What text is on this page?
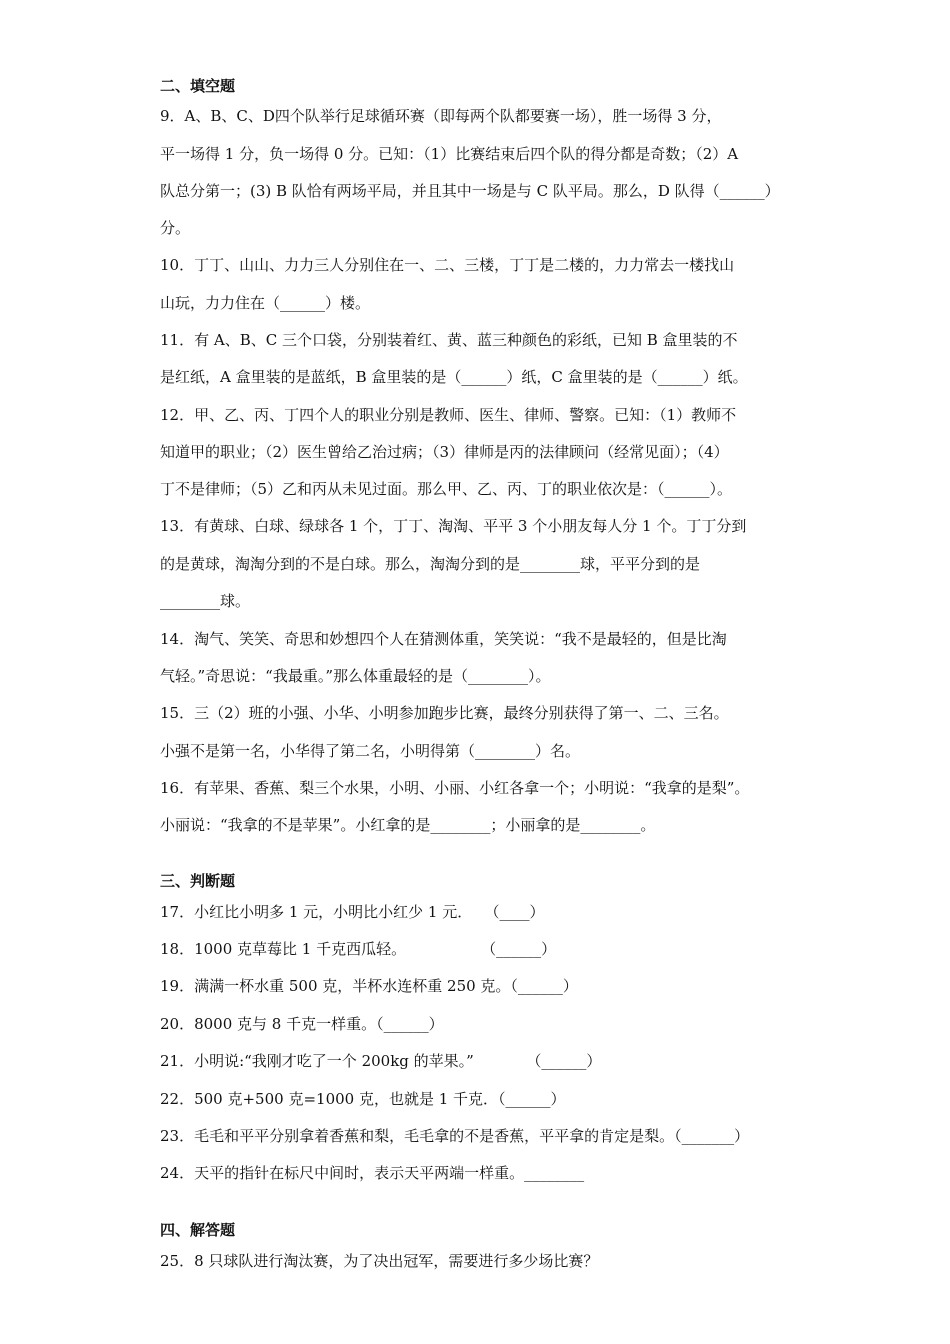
二、填空题
9．A、B、C、D四个队举行足球循环赛（即每两个队都要赛一场），胜一场得 3 分，
平一场得 1 分，负一场得 0 分。已知：（1）比赛结束后四个队的得分都是奇数；（2）A
队总分第一；(3) B 队恰有两场平局，并且其中一场是与 C 队平局。那么，D 队得（______）
分。
10．丁丁、山山、力力三人分别住在一、二、三楼，丁丁是二楼的，力力常去一楼找山
山玩，力力住在（______）楼。
11．有 A、B、C 三个口袋，分别装着红、黄、蓝三种颜色的彩纸，已知 B 盒里装的不
是红纸，A 盒里装的是蓝纸，B 盒里装的是（______）纸，C 盒里装的是（______）纸。
12．甲、乙、丙、丁四个人的职业分别是教师、医生、律师、警察。已知：（1）教师不
知道甲的职业；（2）医生曾给乙治过病；（3）律师是丙的法律顾问（经常见面）；（4）
丁不是律师；（5）乙和丙从未见过面。那么甲、乙、丙、丁的职业依次是：（______）。
13．有黄球、白球、绿球各 1 个，丁丁、淘淘、平平 3 个小朋友每人分 1 个。丁丁分到
的是黄球，淘淘分到的不是白球。那么，淘淘分到的是________球，平平分到的是
________球。
14．淘气、笑笑、奇思和妙想四个人在猜测体重，笑笑说：“我不是最轻的，但是比淘
气轻。”奇思说：“我最重。”那么体重最轻的是（________）。
15．三（2）班的小强、小华、小明参加跑步比赛，最终分别获得了第一、二、三名。
小强不是第一名，小华得了第二名，小明得第（________）名。
16．有苹果、香蕉、梨三个水果，小明、小丽、小红各拿一个；小明说：“我拿的是梨”。
小丽说：“我拿的不是苹果”。小红拿的是________；小丽拿的是________。
三、判断题
17．小红比小明多 1 元，小明比小红少 1 元．　 （____）
18．1000 克草莓比 1 千克西瓜轻。　　　　　　（______）
19．满满一杯水重 500 克，半杯水连杯重 250 克。（______）
20．8000 克与 8 千克一样重。（______）
21．小明说:“我刚才吃了一个 200kg 的苹果。”　　　　（______）
22．500 克+500 克=1000 克，也就是 1 千克．（______）
23．毛毛和平平分别拿着香蕉和梨，毛毛拿的不是香蕉，平平拿的肯定是梨。（_______）
24．天平的指针在标尺中间时，表示天平两端一样重。________
四、解答题
25．8 只球队进行淘汰赛，为了决出冠军，需要进行多少场比赛？
